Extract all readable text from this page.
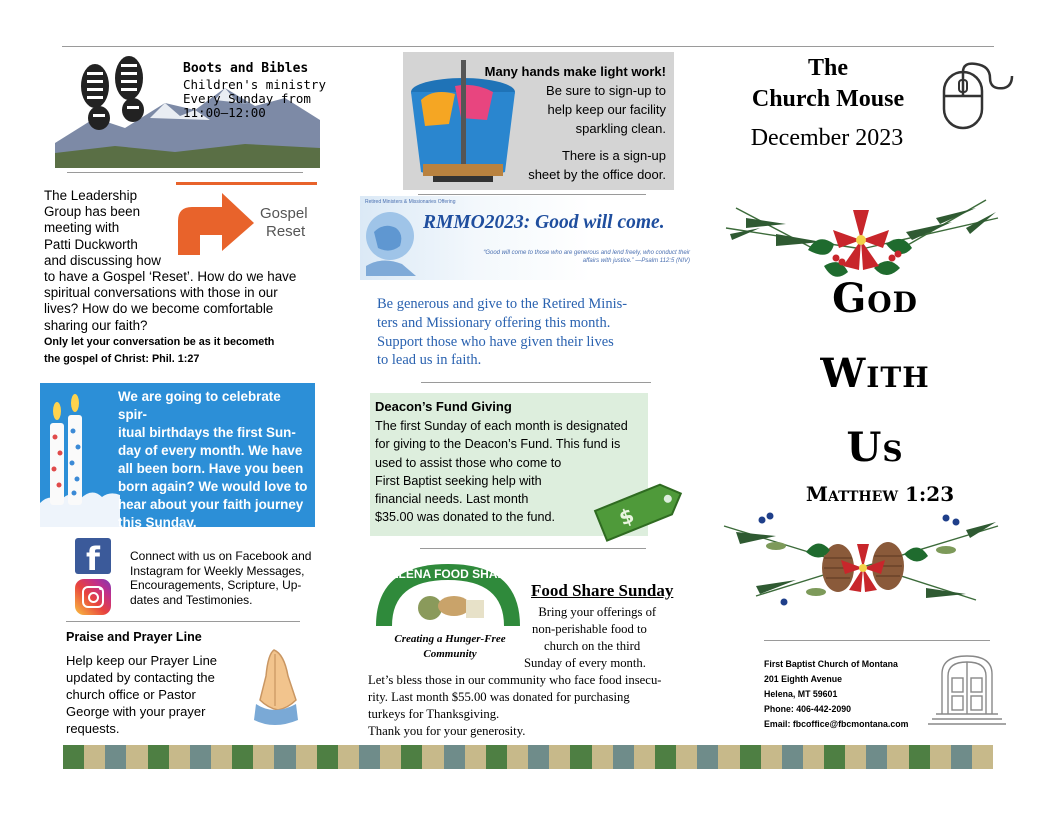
Boots and Bibles
Children's ministry
Every Sunday from
11:00–12:00
Gospel
Reset
The Leadership
Group has been
meeting with
Patti Duckworth
and discussing how
to have a Gospel ‘Reset’. How do we have
spiritual conversations with those in our
lives? How do we become comfortable
sharing our faith?
Only let your conversation be as it becometh
the gospel of Christ: Phil. 1:27
We are going to celebrate spir-
itual birthdays the first Sun-
day of every month. We have
all been born. Have you been
born again? We would love to
hear about your faith journey
this Sunday.
f	Connect with us on Facebook and
Instagram for Weekly Messages,
Encouragements, Scripture, Up-
dates and Testimonies.
Praise and Prayer Line
Help keep our Prayer Line
updated by contacting the
church office or Pastor
George with your prayer
requests.
Many hands make light work!
Be sure to sign-up to
help keep our facility
sparkling clean.
There is a sign-up
sheet by the office door.
Retired Ministers & Missionaries Offering
RMMO2023: Good will come.
“Good will come to those who are generous and lend freely, who conduct their affairs with justice.” —Psalm 112:5 (NIV)
Be generous and give to the Retired Minis-
ters and Missionary offering this month.
Support those who have given their lives
to lead us in faith.
Deacon’s Fund Giving
The first Sunday of each month is designated
for giving to the Deacon’s Fund. This fund is
used to assist those who come to
First Baptist seeking help with
financial needs. Last month
$35.00 was donated to the fund.	$
HELENA FOOD SHARE
Creating a Hunger-Free
Community
Food Share Sunday
Bring your offerings of
non-perishable food to
church on the third
Sunday of every month.
Let’s bless those in our community who face food insecu-
rity. Last month $55.00 was donated for purchasing
turkeys for Thanksgiving.
Thank you for your generosity.
The
Church Mouse
December 2023
God
With
Us
Matthew 1:23
First Baptist Church of Montana
201 Eighth Avenue
Helena, MT 59601
Phone: 406-442-2090
Email: fbcoffice@fbcmontana.com
